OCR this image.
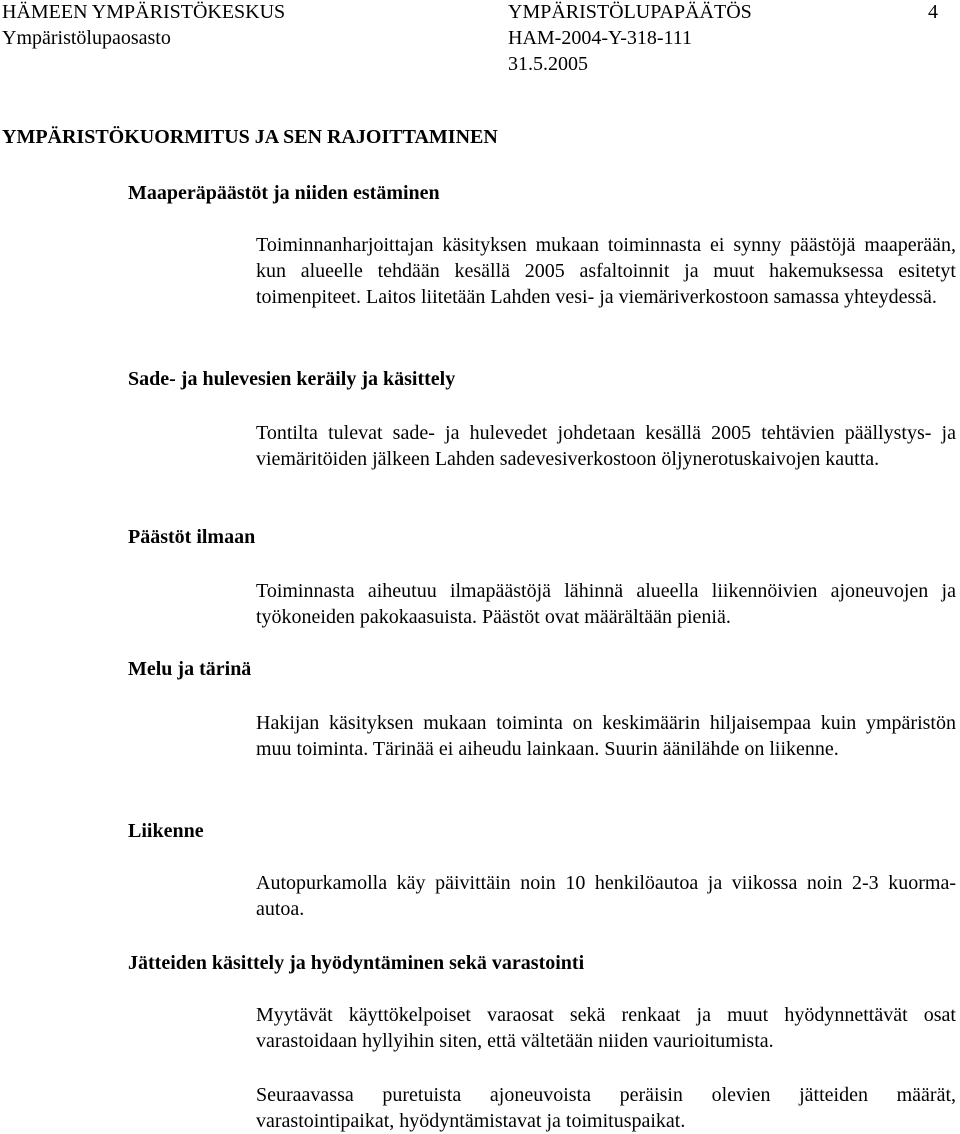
HÄMEEN YMPÄRISTÖKESKUS
Ympäristölupaosasto
YMPÄRISTÖLUPAPÄÄTÖS
HAM-2004-Y-318-111
31.5.2005
4
YMPÄRISTÖKUORMITUS JA SEN RAJOITTAMINEN
Maaperäpäästöt ja niiden estäminen
Toiminnanharjoittajan käsityksen mukaan toiminnasta ei synny päästöjä maaperään, kun alueelle tehdään kesällä 2005 asfaltoinnit ja muut hakemuksessa esitetyt toimenpiteet. Laitos liitetään Lahden vesi- ja viemäriverkostoon samassa yhteydessä.
Sade- ja hulevesien keräily ja käsittely
Tontilta tulevat sade- ja hulevedet johdetaan kesällä 2005 tehtävien päällystys- ja viemäritöiden jälkeen Lahden sadevesiverkostoon öljynerotuskaivojen kautta.
Päästöt ilmaan
Toiminnasta aiheutuu ilmapäästöjä lähinnä alueella liikennöivien ajoneuvojen ja työkoneiden pakokaasuista. Päästöt ovat määrältään pieniä.
Melu ja tärinä
Hakijan käsityksen mukaan toiminta on keskimäärin hiljaisempaa kuin ympäristön muu toiminta. Tärinää ei aiheudu lainkaan. Suurin äänilähde on liikenne.
Liikenne
Autopurkamolla käy päivittäin noin 10 henkilöautoa ja viikossa noin 2-3 kuorma-autoa.
Jätteiden käsittely ja hyödyntäminen sekä varastointi
Myytävät käyttökelpoiset varaosat sekä renkaat ja muut hyödynnettävät osat varastoidaan hyllyihin siten, että vältetään niiden vaurioitumista.
Seuraavassa puretuista ajoneuvoista peräisin olevien jätteiden määrät, varastointipaikat, hyödyntämistavat ja toimituspaikat.
